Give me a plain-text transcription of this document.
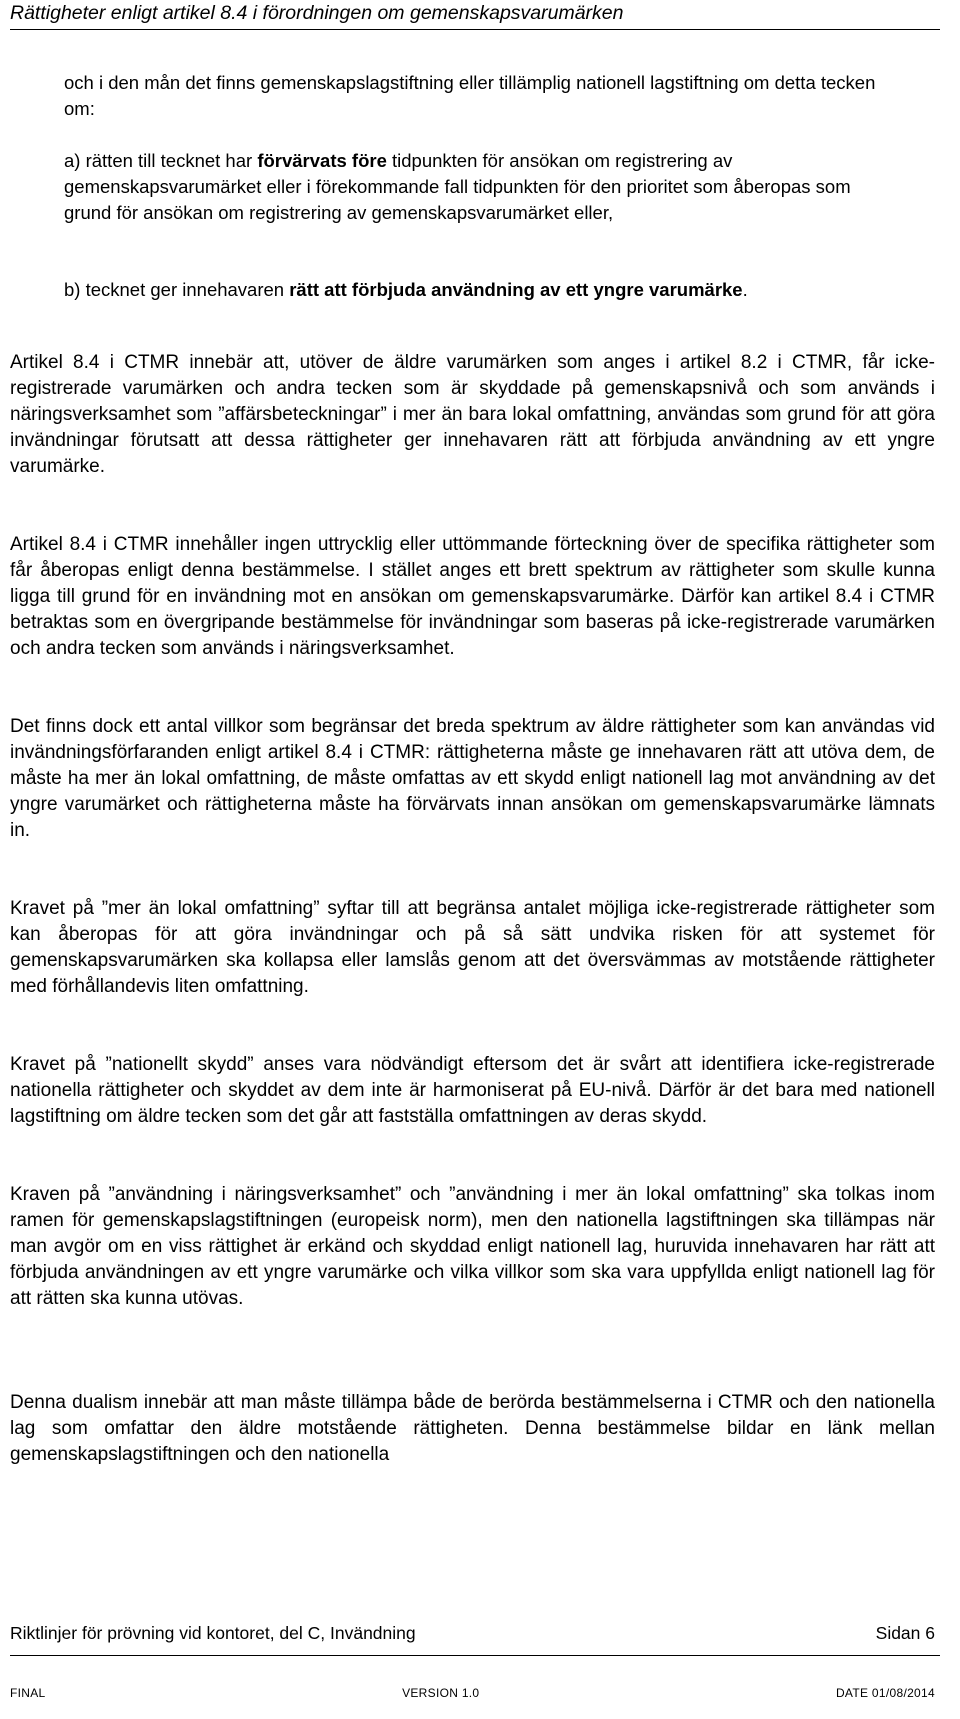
Rättigheter enligt artikel 8.4 i förordningen om gemenskapsvarumärken

och i den mån det finns gemenskapslagstiftning eller tillämplig nationell lagstiftning om detta tecken om:

a) rätten till tecknet har förvärvats före tidpunkten för ansökan om registrering av gemenskapsvarumärket eller i förekommande fall tidpunkten för den prioritet som åberopas som grund för ansökan om registrering av gemenskapsvarumärket eller,

b) tecknet ger innehavaren rätt att förbjuda användning av ett yngre varumärke.

Artikel 8.4 i CTMR innebär att, utöver de äldre varumärken som anges i artikel 8.2 i CTMR, får icke-registrerade varumärken och andra tecken som är skyddade på gemenskapsnivå och som används i näringsverksamhet som ”affärsbeteckningar” i mer än bara lokal omfattning, användas som grund för att göra invändningar förutsatt att dessa rättigheter ger innehavaren rätt att förbjuda användning av ett yngre varumärke.

Artikel 8.4 i CTMR innehåller ingen uttrycklig eller uttömmande förteckning över de specifika rättigheter som får åberopas enligt denna bestämmelse. I stället anges ett brett spektrum av rättigheter som skulle kunna ligga till grund för en invändning mot en ansökan om gemenskapsvarumärke. Därför kan artikel 8.4 i CTMR betraktas som en övergripande bestämmelse för invändningar som baseras på icke-registrerade varumärken och andra tecken som används i näringsverksamhet.

Det finns dock ett antal villkor som begränsar det breda spektrum av äldre rättigheter som kan användas vid invändningsförfaranden enligt artikel 8.4 i CTMR: rättigheterna måste ge innehavaren rätt att utöva dem, de måste ha mer än lokal omfattning, de måste omfattas av ett skydd enligt nationell lag mot användning av det yngre varumärket och rättigheterna måste ha förvärvats innan ansökan om gemenskapsvarumärke lämnats in.

Kravet på ”mer än lokal omfattning” syftar till att begränsa antalet möjliga icke-registrerade rättigheter som kan åberopas för att göra invändningar och på så sätt undvika risken för att systemet för gemenskapsvarumärken ska kollapsa eller lamslås genom att det översvämmas av motstående rättigheter med förhållandevis liten omfattning.

Kravet på ”nationellt skydd” anses vara nödvändigt eftersom det är svårt att identifiera icke-registrerade nationella rättigheter och skyddet av dem inte är harmoniserat på EU-nivå. Därför är det bara med nationell lagstiftning om äldre tecken som det går att fastställa omfattningen av deras skydd.

Kraven på ”användning i näringsverksamhet” och ”användning i mer än lokal omfattning” ska tolkas inom ramen för gemenskapslagstiftningen (europeisk norm), men den nationella lagstiftningen ska tillämpas när man avgör om en viss rättighet är erkänd och skyddad enligt nationell lag, huruvida innehavaren har rätt att förbjuda användningen av ett yngre varumärke och vilka villkor som ska vara uppfyllda enligt nationell lag för att rätten ska kunna utövas.

Denna dualism innebär att man måste tillämpa både de berörda bestämmelserna i CTMR och den nationella lag som omfattar den äldre motstående rättigheten. Denna bestämmelse bildar en länk mellan gemenskapslagstiftningen och den nationella

Riktlinjer för prövning vid kontoret, del C, Invändning	Sidan 6
FINAL	VERSION 1.0	DATE 01/08/2014
